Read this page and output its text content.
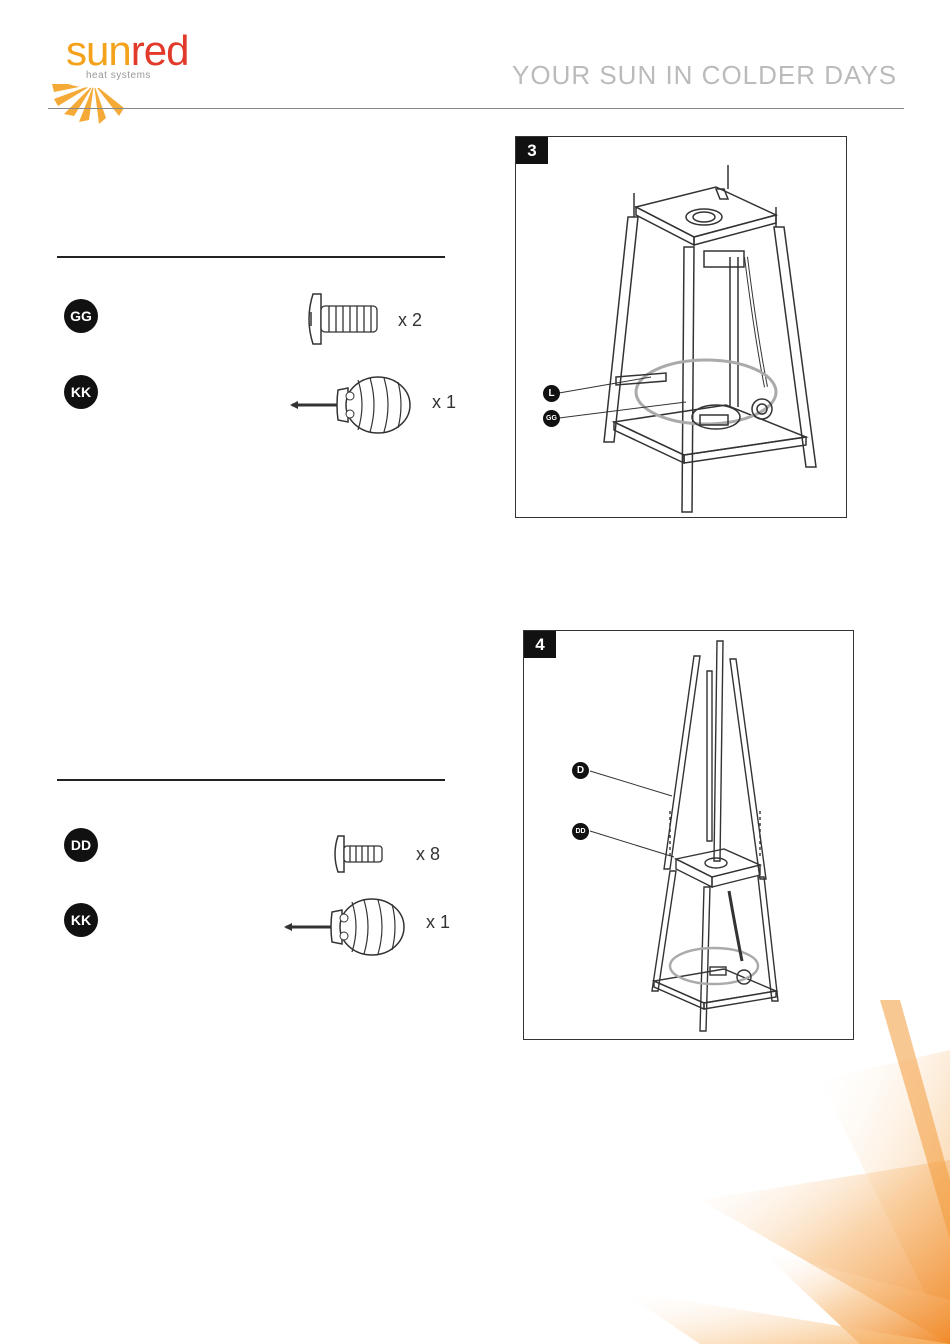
sunred
heat systems	YOUR SUN IN COLDER DAYS
GG	x 2
KK	x 1
3
L
GG
DD	x 8
KK	x 1
4
D
DD
